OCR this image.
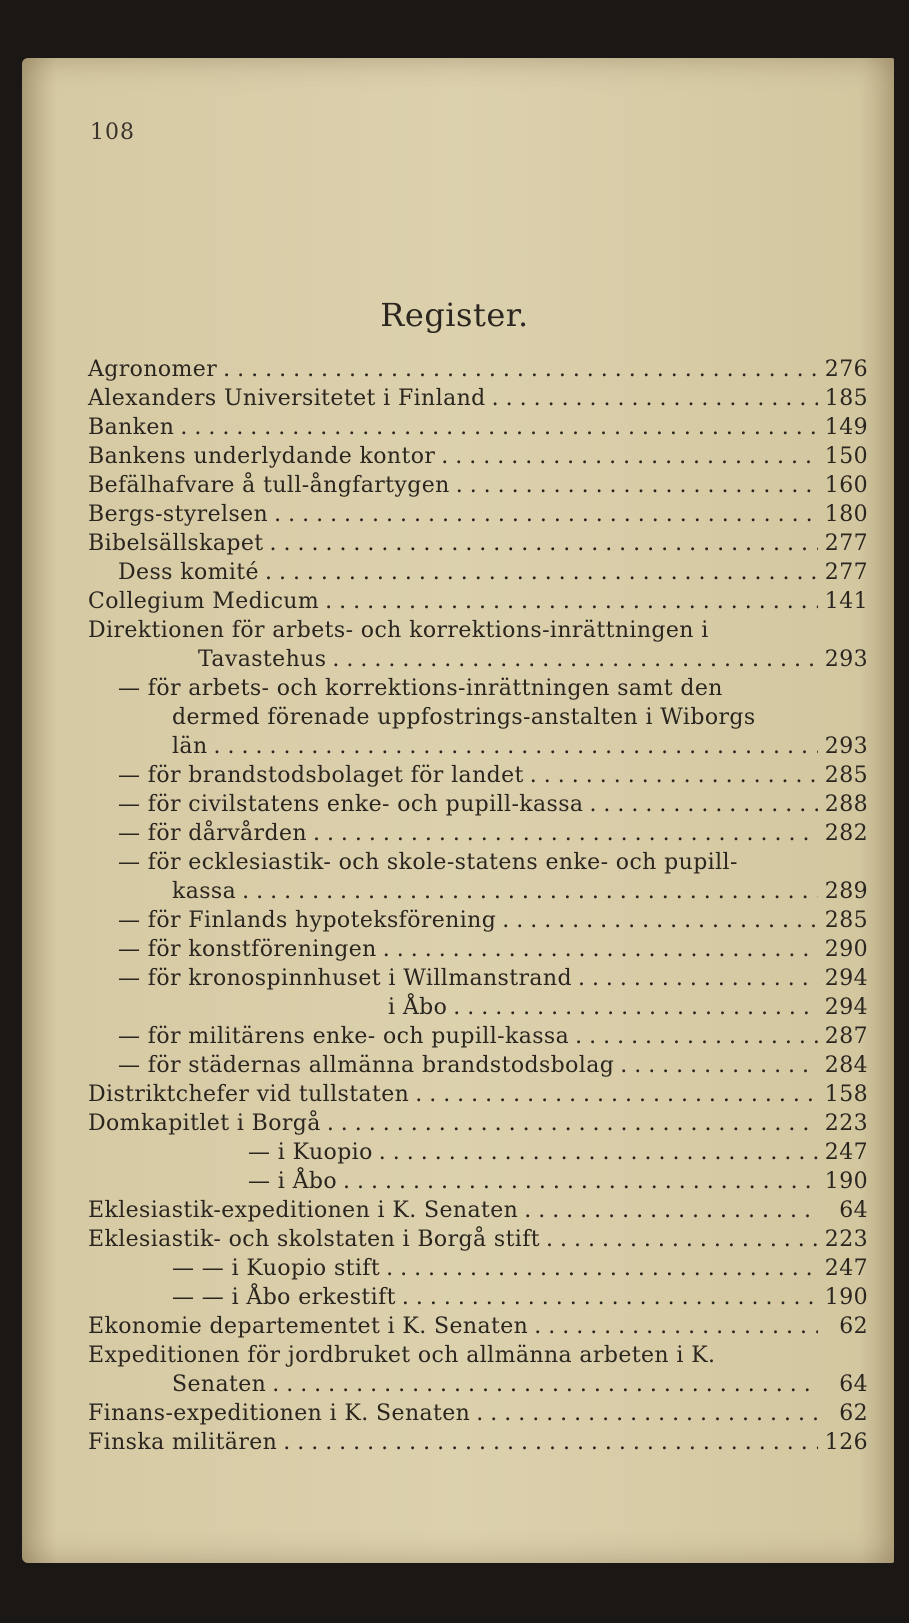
108
Register.
Agronomer . . .	276
Alexanders Universitetet i Finland . . .	185
Banken . . .	149
Bankens underlydande kontor . . .	150
Befälhafvare å tull-ångfartygen . . .	160
Bergs-styrelsen . . .	180
Bibelsällskapet . . .	277
Dess komité . . .	277
Collegium Medicum . . .	141
Direktionen för arbets- och korrektions-inrättningen i
Tavastehus . . .	293
— för arbets- och korrektions-inrättningen samt den
dermed förenade uppfostrings-anstalten i Wiborgs
län . . .	293
— för brandstodsbolaget för landet . . .	285
— för civilstatens enke- och pupill-kassa . . .	288
— för dårvården . . .	282
— för ecklesiastik- och skole-statens enke- och pupill-
kassa . . .	289
— för Finlands hypoteksförening . . .	285
— för konstföreningen . . .	290
— för kronospinnhuset i Willmanstrand . . .	294
i Åbo . . .	294
— för militärens enke- och pupill-kassa . . .	287
— för städernas allmänna brandstodsbolag . . .	284
Distriktchefer vid tullstaten . . .	158
Domkapitlet i Borgå . . .	223
— i Kuopio . . .	247
— i Åbo . . .	190
Eklesiastik-expeditionen i K. Senaten . . .	64
Eklesiastik- och skolstaten i Borgå stift . . .	223
— — i Kuopio stift . . .	247
— — i Åbo erkestift . . .	190
Ekonomie departementet i K. Senaten . . .	62
Expeditionen för jordbruket och allmänna arbeten i K.
Senaten . . .	64
Finans-expeditionen i K. Senaten . . .	62
Finska militären . . .	126
